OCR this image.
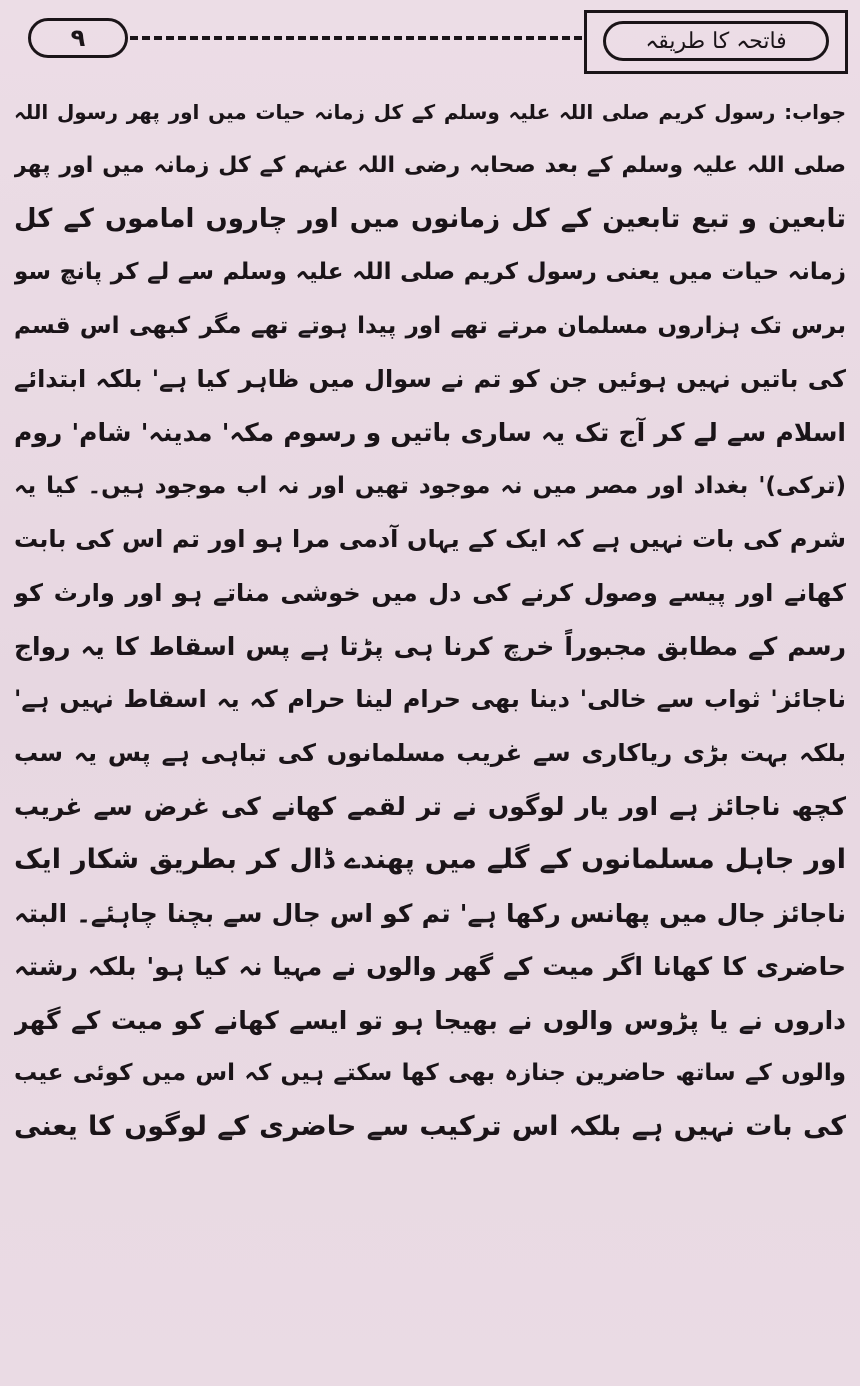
۹	فاتحہ کا طریقہ
جواب: رسول کریم صلی اللہ علیہ وسلم کے کل زمانہ حیات میں اور پھر رسول اللہ
صلی اللہ علیہ وسلم کے بعد صحابہ رضی اللہ عنہم کے کل زمانہ میں اور پھر
تابعین و تبع تابعین کے کل زمانوں میں اور چاروں اماموں کے کل
زمانہ حیات میں یعنی رسول کریم صلی اللہ علیہ وسلم سے لے کر پانچ سو
برس تک ہزاروں مسلمان مرتے تھے اور پیدا ہوتے تھے مگر کبھی اس قسم
کی باتیں نہیں ہوئیں جن کو تم نے سوال میں ظاہر کیا ہے' بلکہ ابتدائے
اسلام سے لے کر آج تک یہ ساری باتیں و رسوم مکہ' مدینہ' شام' روم
(ترکی)' بغداد اور مصر میں نہ موجود تھیں اور نہ اب موجود ہیں۔ کیا یہ
شرم کی بات نہیں ہے کہ ایک کے یہاں آدمی مرا ہو اور تم اس کی بابت
کھانے اور پیسے وصول کرنے کی دل میں خوشی مناتے ہو اور وارث کو
رسم کے مطابق مجبوراً خرچ کرنا ہی پڑتا ہے پس اسقاط کا یہ رواج
ناجائز' ثواب سے خالی' دینا بھی حرام لینا حرام کہ یہ اسقاط نہیں ہے'
بلکہ بہت بڑی ریاکاری سے غریب مسلمانوں کی تباہی ہے پس یہ سب
کچھ ناجائز ہے اور یار لوگوں نے تر لقمے کھانے کی غرض سے غریب
اور جاہل مسلمانوں کے گلے میں پھندے ڈال کر بطریق شکار ایک
ناجائز جال میں پھانس رکھا ہے' تم کو اس جال سے بچنا چاہئے۔ البتہ
حاضری کا کھانا اگر میت کے گھر والوں نے مہیا نہ کیا ہو' بلکہ رشتہ
داروں نے یا پڑوس والوں نے بھیجا ہو تو ایسے کھانے کو میت کے گھر
والوں کے ساتھ حاضرین جنازہ بھی کھا سکتے ہیں کہ اس میں کوئی عیب
کی بات نہیں ہے بلکہ اس ترکیب سے حاضری کے لوگوں کا یعنی
